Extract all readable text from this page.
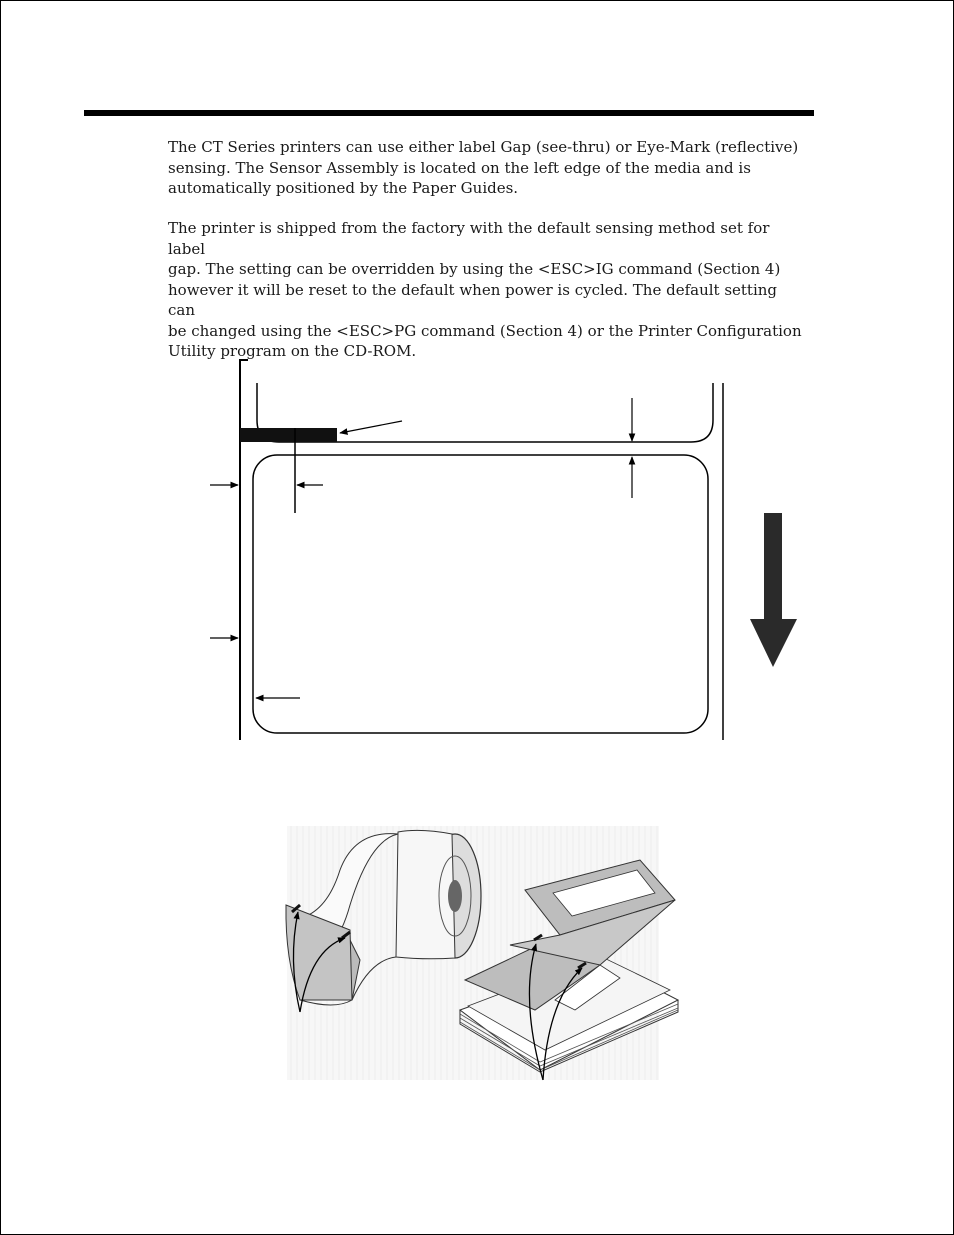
The CT Series printers can use either label Gap (see-thru) or Eye-Mark (reflective)
sensing. The Sensor Assembly is located on the left edge of the media and is
automatically positioned by the Paper Guides.

The printer is shipped from the factory with the default sensing method set for label
gap. The setting can be overridden by using the <ESC>IG command (Section 4)
however it will be reset to the default when power is cycled. The default setting can
be changed using the <ESC>PG command (Section 4) or the Printer Configuration
Utility program on the CD-ROM.
